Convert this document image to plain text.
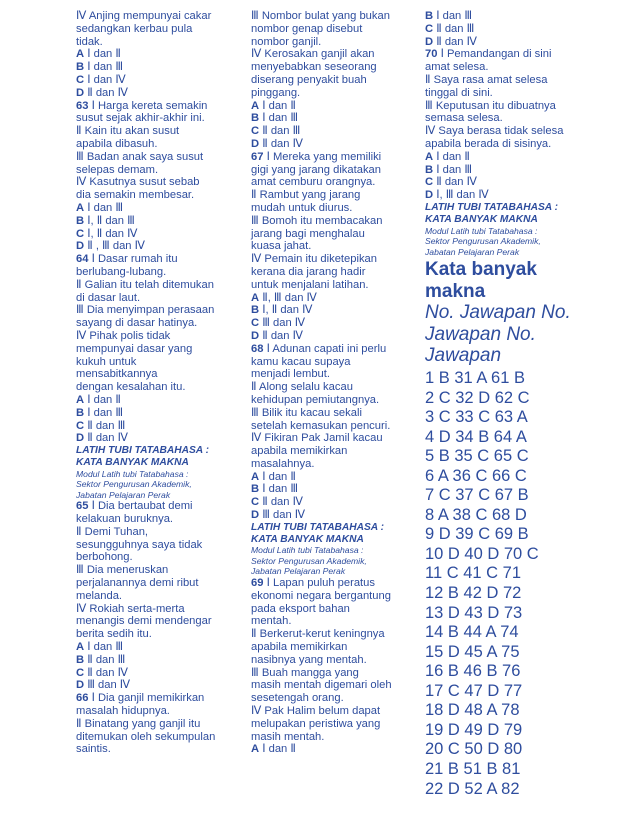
Ⅳ Anjing mempunyai cakar
sedangkan kerbau pula
tidak.
A Ⅰ dan Ⅱ
B Ⅰ dan Ⅲ
C Ⅰ dan Ⅳ
D Ⅱ dan Ⅳ
63 Ⅰ Harga kereta semakin
susut sejak akhir-akhir ini.
Ⅱ Kain itu akan susut
apabila dibasuh.
Ⅲ Badan anak saya susut
selepas demam.
Ⅳ Kasutnya susut sebab
dia semakin membesar.
A Ⅰ dan Ⅲ
B Ⅰ, Ⅱ dan Ⅲ
C Ⅰ, Ⅱ dan Ⅳ
D Ⅱ , Ⅲ dan Ⅳ
64 Ⅰ Dasar rumah itu
berlubang-lubang.
Ⅱ Galian itu telah ditemukan
di dasar laut.
Ⅲ Dia menyimpan perasaan
sayang di dasar hatinya.
Ⅳ Pihak polis tidak
mempunyai dasar yang
kukuh untuk
mensabitkannya
dengan kesalahan itu.
A Ⅰ dan Ⅱ
B Ⅰ dan Ⅲ
C Ⅱ dan Ⅲ
D Ⅱ dan Ⅳ
LATIH TUBI TATABAHASA :
KATA BANYAK MAKNA
Modul Latih tubi Tatabahasa :
Sektor Pengurusan Akademik,
Jabatan Pelajaran Perak
65 Ⅰ Dia bertaubat demi
kelakuan buruknya.
Ⅱ Demi Tuhan,
sesungguhnya saya tidak
berbohong.
Ⅲ Dia meneruskan
perjalanannya demi ribut
melanda.
Ⅳ Rokiah serta-merta
menangis demi mendengar
berita sedih itu.
A Ⅰ dan Ⅲ
B Ⅱ dan Ⅲ
C Ⅱ dan Ⅳ
D Ⅲ dan Ⅳ
66 Ⅰ Dia ganjil memikirkan
masalah hidupnya.
Ⅱ Binatang yang ganjil itu
ditemukan oleh sekumpulan
saintis.
Ⅲ Nombor bulat yang bukan
nombor genap disebut
nombor ganjil.
Ⅳ Kerosakan ganjil akan
menyebabkan seseorang
diserang penyakit buah
pinggang.
A Ⅰ dan Ⅱ
B Ⅰ dan Ⅲ
C Ⅱ dan Ⅲ
D Ⅱ dan Ⅳ
67 Ⅰ Mereka yang memiliki
gigi yang jarang dikatakan
amat cemburu orangnya.
Ⅱ Rambut yang jarang
mudah untuk diurus.
Ⅲ Bomoh itu membacakan
jarang bagi menghalau
kuasa jahat.
Ⅳ Pemain itu diketepikan
kerana dia jarang hadir
untuk menjalani latihan.
A Ⅱ, Ⅲ dan Ⅳ
B Ⅰ, Ⅱ dan Ⅳ
C Ⅲ dan Ⅳ
D Ⅱ dan Ⅳ
68 Ⅰ Adunan capati ini perlu
kamu kacau supaya
menjadi lembut.
Ⅱ Along selalu kacau
kehidupan pemiutangnya.
Ⅲ Bilik itu kacau sekali
setelah kemasukan pencuri.
Ⅳ Fikiran Pak Jamil kacau
apabila memikirkan
masalahnya.
A Ⅰ dan Ⅱ
B Ⅰ dan Ⅲ
C Ⅱ dan Ⅳ
D Ⅲ dan Ⅳ
LATIH TUBI TATABAHASA :
KATA BANYAK MAKNA
Modul Latih tubi Tatabahasa :
Sektor Pengurusan Akademik,
Jabatan Pelajaran Perak
69 Ⅰ Lapan puluh peratus
ekonomi negara bergantung
pada eksport bahan
mentah.
Ⅱ Berkerut-kerut keningnya
apabila memikirkan
nasibnya yang mentah.
Ⅲ Buah mangga yang
masih mentah digemari oleh
sesetengah orang.
Ⅳ Pak Halim belum dapat
melupakan peristiwa yang
masih mentah.
A Ⅰ dan Ⅱ
B Ⅰ dan Ⅲ
C Ⅱ dan Ⅲ
D Ⅱ dan Ⅳ
70 Ⅰ Pemandangan di sini
amat selesa.
Ⅱ Saya rasa amat selesa
tinggal di sini.
Ⅲ Keputusan itu dibuatnya
semasa selesa.
Ⅳ Saya berasa tidak selesa
apabila berada di sisinya.
A Ⅰ dan Ⅱ
B Ⅰ dan Ⅲ
C Ⅱ dan Ⅳ
D Ⅰ, Ⅲ dan Ⅳ
LATIH TUBI TATABAHASA :
KATA BANYAK MAKNA
Modul Latih tubi Tatabahasa :
Sektor Pengurusan Akademik,
Jabatan Pelajaran Perak
Kata banyak
makna
No. Jawapan No.
Jawapan No.
Jawapan
1 B 31 A 61 B
2 C 32 D 62 C
3 C 33 C 63 A
4 D 34 B 64 A
5 B 35 C 65 C
6 A 36 C 66 C
7 C 37 C 67 B
8 A 38 C 68 D
9 D 39 C 69 B
10 D 40 D 70 C
11 C 41 C 71
12 B 42 D 72
13 D 43 D 73
14 B 44 A 74
15 D 45 A 75
16 B 46 B 76
17 C 47 D 77
18 D 48 A 78
19 D 49 D 79
20 C 50 D 80
21 B 51 B 81
22 D 52 A 82
